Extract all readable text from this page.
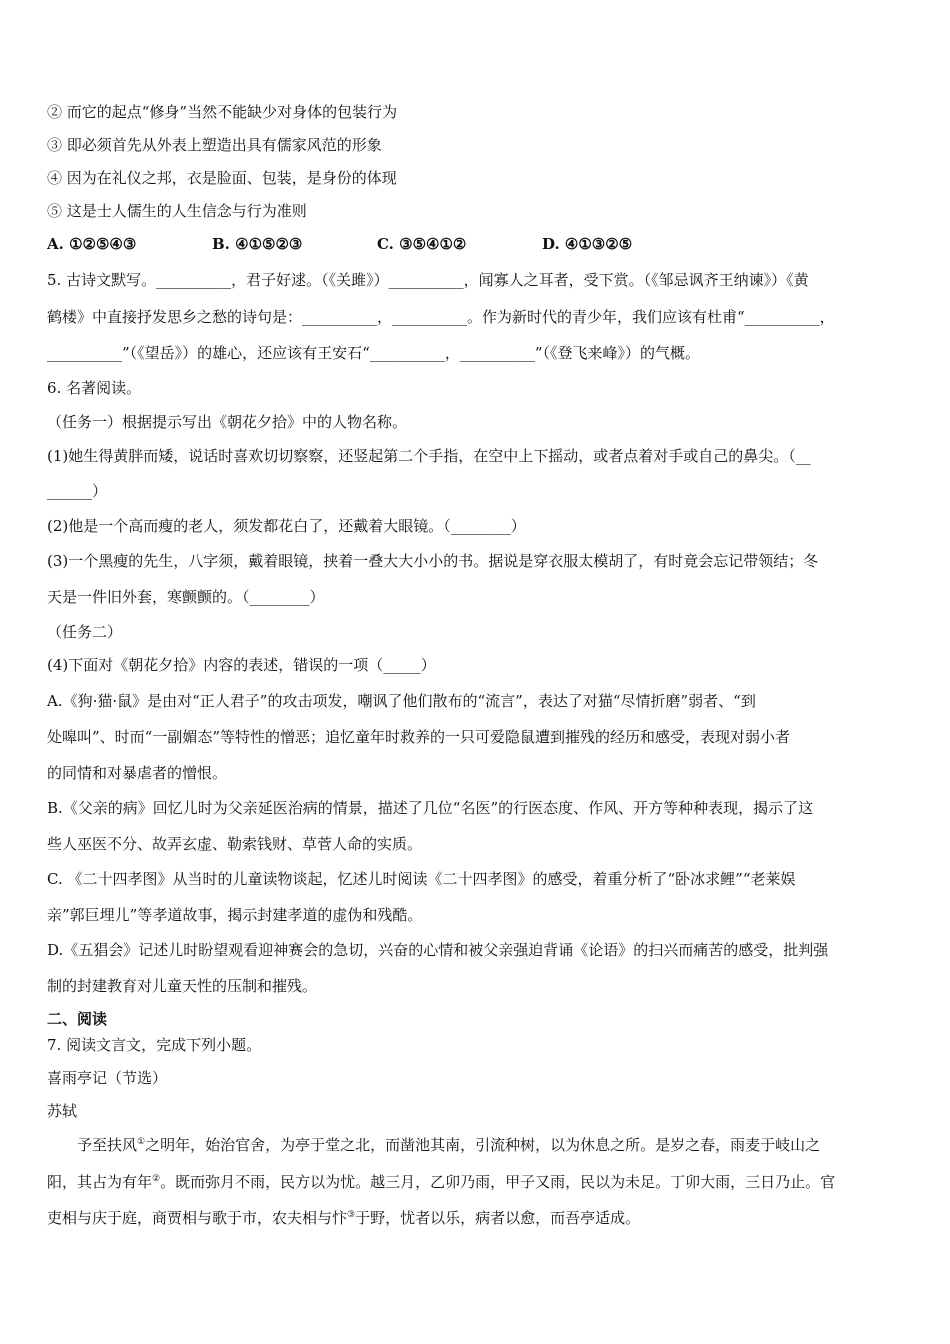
② 而它的起点“修身”当然不能缺少对身体的包装行为
③ 即必须首先从外表上塑造出具有儒家风范的形象
④ 因为在礼仪之邦，衣是脸面、包装，是身份的体现
⑤ 这是士人儒生的人生信念与行为准则
A. ①②⑤④③	B. ④①⑤②③	C. ③⑤④①②	D. ④①③②⑤
5. 古诗文默写。__________，君子好逑。（《关雎》）__________，闻寡人之耳者，受下赏。（《邹忌讽齐王纳谏》）《黄
鹤楼》中直接抒发思乡之愁的诗句是：__________，__________。作为新时代的青少年，我们应该有杜甫“__________，
__________”（《望岳》）的雄心，还应该有王安石“__________，__________”（《登飞来峰》）的气概。
6. 名著阅读。
（任务一）根据提示写出《朝花夕拾》中的人物名称。
(1)她生得黄胖而矮，说话时喜欢切切察察，还竖起第二个手指，在空中上下摇动，或者点着对手或自己的鼻尖。（__
______）
(2)他是一个高而瘦的老人，须发都花白了，还戴着大眼镜。（________）
(3)一个黑瘦的先生，八字须，戴着眼镜，挟着一叠大大小小的书。据说是穿衣服太模胡了，有时竟会忘记带领结；冬
天是一件旧外套，寒颤颤的。（________）
（任务二）
(4)下面对《朝花夕拾》内容的表述，错误的一项（_____）
A.《狗·猫·鼠》是由对“正人君子”的攻击项发，嘲讽了他们散布的“流言”，表达了对猫“尽情折磨”弱者、“到
处嗥叫”、时而“一副媚态”等特性的憎恶；追忆童年时救养的一只可爱隐鼠遭到摧残的经历和感受，表现对弱小者
的同情和对暴虐者的憎恨。
B.《父亲的病》回忆儿时为父亲延医治病的情景，描述了几位“名医”的行医态度、作风、开方等种种表现，揭示了这
些人巫医不分、故弄玄虚、勒索钱财、草菅人命的实质。
C. 《二十四孝图》从当时的儿童读物谈起，忆述儿时阅读《二十四孝图》的感受，着重分析了“卧冰求鲤”“老莱娱
亲”郭巨埋儿”等孝道故事，揭示封建孝道的虚伪和残酷。
D.《五猖会》记述儿时盼望观看迎神赛会的急切，兴奋的心情和被父亲强迫背诵《论语》的扫兴而痛苦的感受，批判强
制的封建教育对儿童天性的压制和摧残。
二、阅读
7. 阅读文言文，完成下列小题。
喜雨亭记（节选）
苏轼
予至扶风①之明年，始治官舍，为亭于堂之北，而凿池其南，引流种树，以为休息之所。是岁之春，雨麦于岐山之
阳，其占为有年②。既而弥月不雨，民方以为忧。越三月，乙卯乃雨，甲子又雨，民以为未足。丁卯大雨，三日乃止。官
吏相与庆于庭，商贾相与歌于市，农夫相与忭③于野，忧者以乐，病者以愈，而吾亭适成。
